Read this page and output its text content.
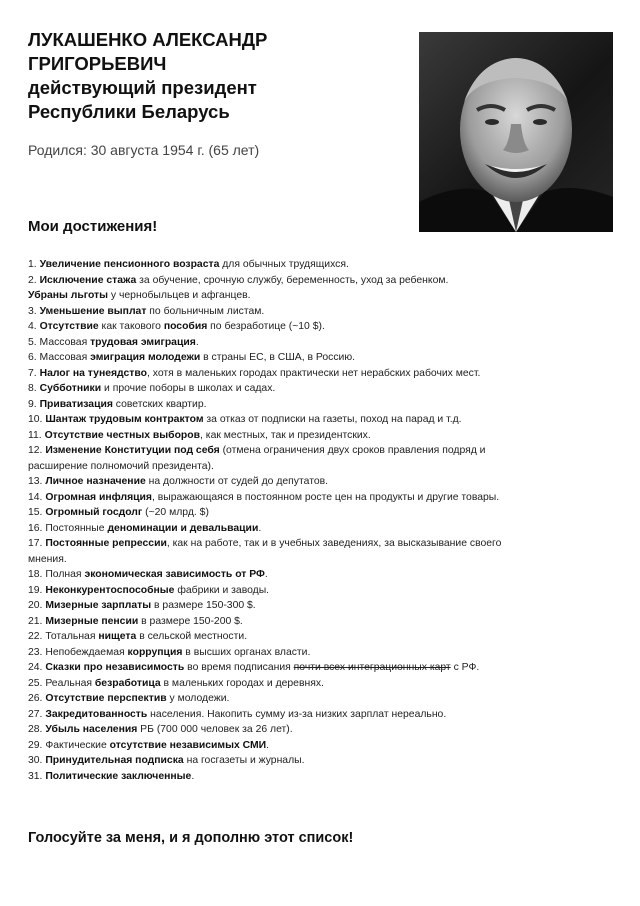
ЛУКАШЕНКО АЛЕКСАНДР ГРИГОРЬЕВИЧ
действующий президент
Республики Беларусь
Родился: 30 августа 1954 г. (65 лет)
Мои достижения!
1. Увеличение пенсионного возраста для обычных трудящихся.
2. Исключение стажа за обучение, срочную службу, беременность, уход за ребенком.
Убраны льготы у чернобыльцев и афганцев.
3. Уменьшение выплат по больничным листам.
4. Отсутствие как такового пособия по безработице (~10 $).
5. Массовая трудовая эмиграция.
6. Массовая эмиграция молодежи в страны ЕС, в США, в Россию.
7. Налог на тунеядство, хотя в маленьких городах практически нет нерабских рабочих мест.
8. Субботники и прочие поборы в школах и садах.
9. Приватизация советских квартир.
10. Шантаж трудовым контрактом за отказ от подписки на газеты, поход на парад и т.д.
11. Отсутствие честных выборов, как местных, так и президентских.
12. Изменение Конституции под себя (отмена ограничения двух сроков правления подряд и
расширение полномочий президента).
13. Личное назначение на должности от судей до депутатов.
14. Огромная инфляция, выражающаяся в постоянном росте цен на продукты и другие товары.
15. Огромный госдолг (~20 млрд. $)
16. Постоянные деноминации и девальвации.
17. Постоянные репрессии, как на работе, так и в учебных заведениях, за высказывание своего
мнения.
18. Полная экономическая зависимость от РФ.
19. Неконкурентоспособные фабрики и заводы.
20. Мизерные зарплаты в размере 150-300 $.
21. Мизерные пенсии в размере 150-200 $.
22. Тотальная нищета в сельской местности.
23. Непобеждаемая коррупция в высших органах власти.
24. Сказки про независимость во время подписания почти всех интеграционных карт с РФ.
25. Реальная безработица в маленьких городах и деревнях.
26. Отсутствие перспектив у молодежи.
27. Закредитованность населения. Накопить сумму из-за низких зарплат нереально.
28. Убыль населения РБ (700 000 человек за 26 лет).
29. Фактические отсутствие независимых СМИ.
30. Принудительная подписка на госгазеты и журналы.
31. Политические заключенные.
Голосуйте за меня, и я дополню этот список!
